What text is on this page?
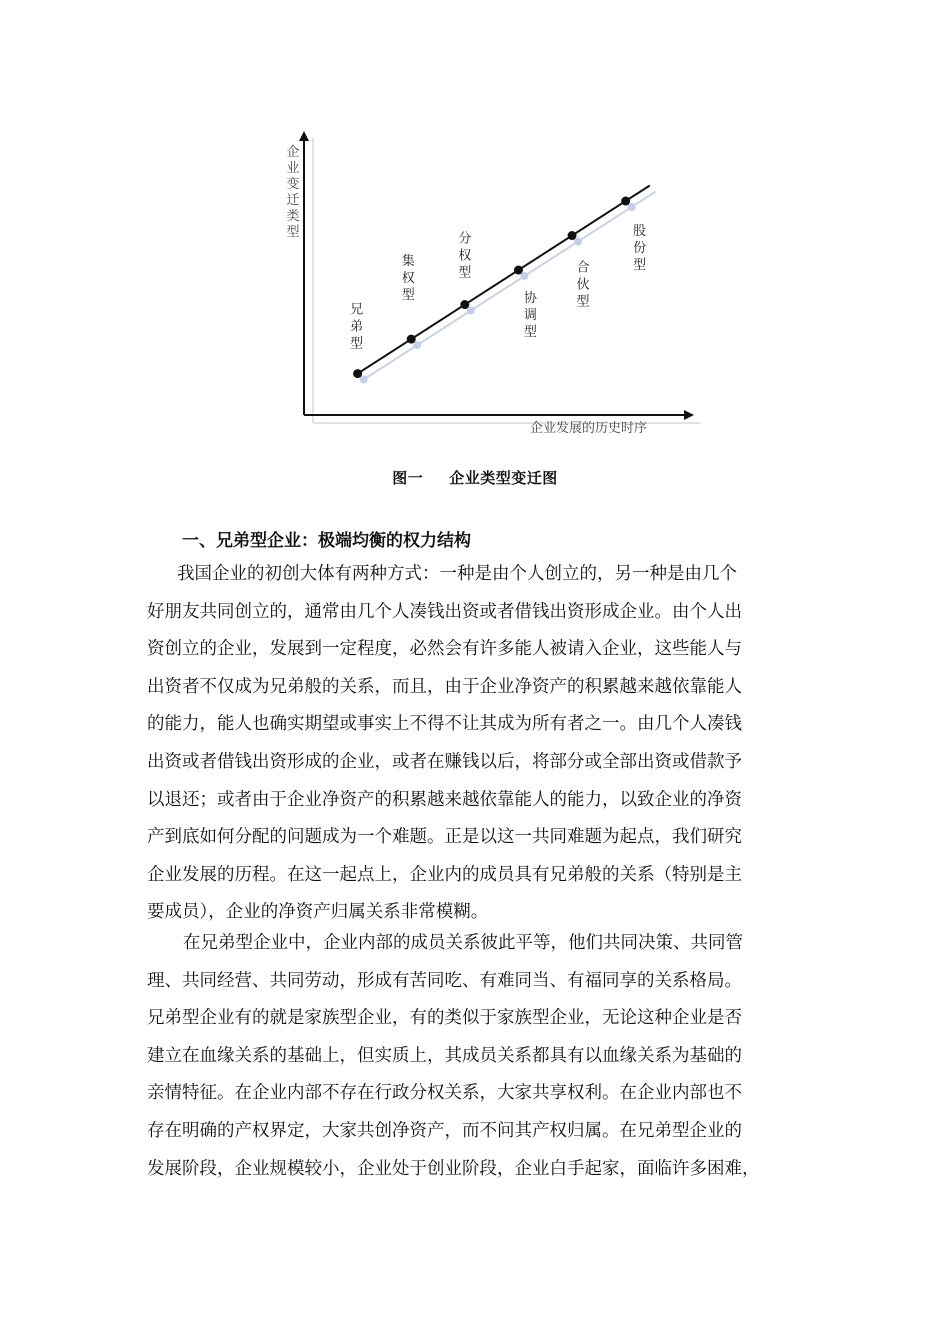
企业变迁类型
企业发展的历史时序
兄弟型
集权型
分权型
协调型
合伙型
股份型
图一 企业类型变迁图
一、兄弟型企业：极端均衡的权力结构
我国企业的初创大体有两种方式：一种是由个人创立的，另一种是由几个
好朋友共同创立的，通常由几个人凑钱出资或者借钱出资形成企业。由个人出
资创立的企业，发展到一定程度，必然会有许多能人被请入企业，这些能人与
出资者不仅成为兄弟般的关系，而且，由于企业净资产的积累越来越依靠能人
的能力，能人也确实期望或事实上不得不让其成为所有者之一。由几个人凑钱
出资或者借钱出资形成的企业，或者在赚钱以后，将部分或全部出资或借款予
以退还；或者由于企业净资产的积累越来越依靠能人的能力，以致企业的净资
产到底如何分配的问题成为一个难题。正是以这一共同难题为起点，我们研究
企业发展的历程。在这一起点上，企业内的成员具有兄弟般的关系（特别是主
要成员），企业的净资产归属关系非常模糊。
在兄弟型企业中，企业内部的成员关系彼此平等，他们共同决策、共同管
理、共同经营、共同劳动，形成有苦同吃、有难同当、有福同享的关系格局。
兄弟型企业有的就是家族型企业，有的类似于家族型企业，无论这种企业是否
建立在血缘关系的基础上，但实质上，其成员关系都具有以血缘关系为基础的
亲情特征。在企业内部不存在行政分权关系，大家共享权利。在企业内部也不
存在明确的产权界定，大家共创净资产，而不问其产权归属。在兄弟型企业的
发展阶段，企业规模较小，企业处于创业阶段，企业白手起家，面临许多困难，
